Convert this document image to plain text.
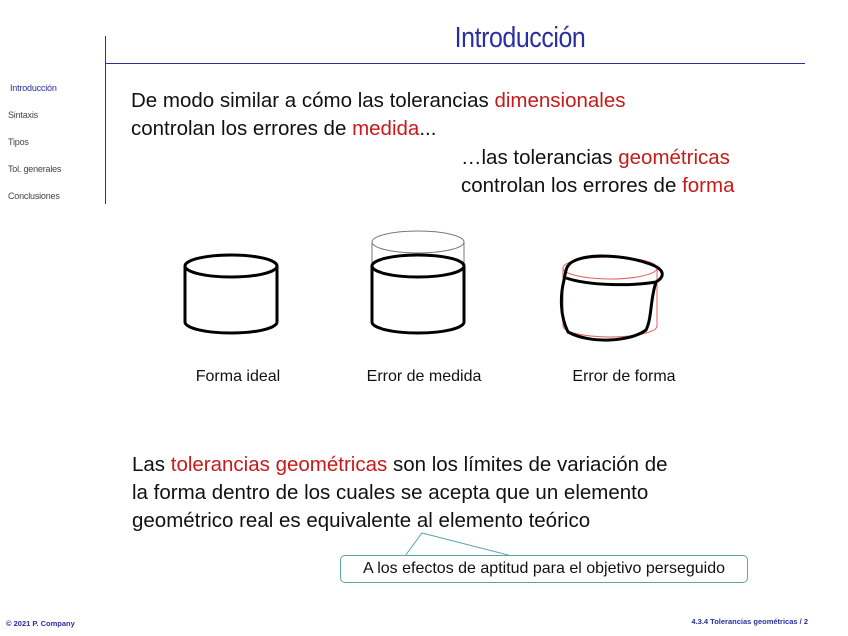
Introducción
Introducción
Sintaxis
Tipos
Tol. generales
Conclusiones
De modo similar a cómo las tolerancias dimensionales
controlan los errores de medida...
…las tolerancias geométricas
controlan los errores de forma
Forma ideal	Error de medida	Error de forma
Las tolerancias geométricas son los límites de variación de
la forma dentro de los cuales se acepta que un elemento
geométrico real es equivalente al elemento teórico
A los efectos de aptitud para el objetivo perseguido
© 2021 P. Company	4.3.4 Tolerancias geométricas / 2
